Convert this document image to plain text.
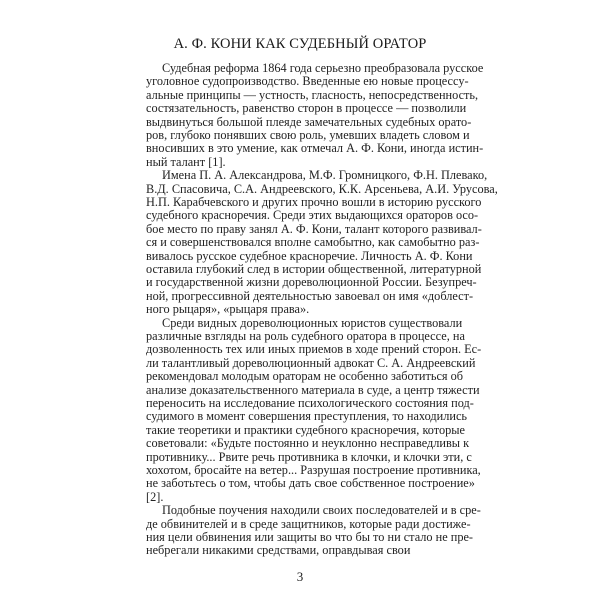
А. Ф. КОНИ КАК СУДЕБНЫЙ ОРАТОР
Судебная реформа 1864 года серьезно преобразовала русское
уголовное судопроизводство. Введенные ею новые процессу-
альные принципы — устность, гласность, непосредственность,
состязательность, равенство сторон в процессе — позволили
выдвинуться большой плеяде замечательных судебных орато-
ров, глубоко понявших свою роль, умевших владеть словом и
вносивших в это умение, как отмечал А. Ф. Кони, иногда истин-
ный талант [1].
Имена П. А. Александрова, М.Ф. Громницкого, Ф.Н. Плевако,
В.Д. Спасовича, С.А. Андреевского, К.К. Арсеньева, А.И. Урусова,
Н.П. Карабчевского и других прочно вошли в историю русского
судебного красноречия. Среди этих выдающихся ораторов осо-
бое место по праву занял А. Ф. Кони, талант которого развивал-
ся и совершенствовался вполне самобытно, как самобытно раз-
вивалось русское судебное красноречие. Личность А. Ф. Кони
оставила глубокий след в истории общественной, литературной
и государственной жизни дореволюционной России. Безупреч-
ной, прогрессивной деятельностью завоевал он имя «доблест-
ного рыцаря», «рыцаря права».
Среди видных дореволюционных юристов существовали
различные взгляды на роль судебного оратора в процессе, на
дозволенность тех или иных приемов в ходе прений сторон. Ес-
ли талантливый дореволюционный адвокат С. А. Андреевский
рекомендовал молодым ораторам не особенно заботиться об
анализе доказательственного материала в суде, а центр тяжести
переносить на исследование психологического состояния под-
судимого в момент совершения преступления, то находились
такие теоретики и практики судебного красноречия, которые
советовали: «Будьте постоянно и неуклонно несправедливы к
противнику... Рвите речь противника в клочки, и клочки эти, с
хохотом, бросайте на ветер... Разрушая построение противника,
не заботьтесь о том, чтобы дать свое собственное построение»
[2].
Подобные поучения находили своих последователей и в сре-
де обвинителей и в среде защитников, которые ради достиже-
ния цели обвинения или защиты во что бы то ни стало не пре-
небрегали никакими средствами, оправдывая свои
3
